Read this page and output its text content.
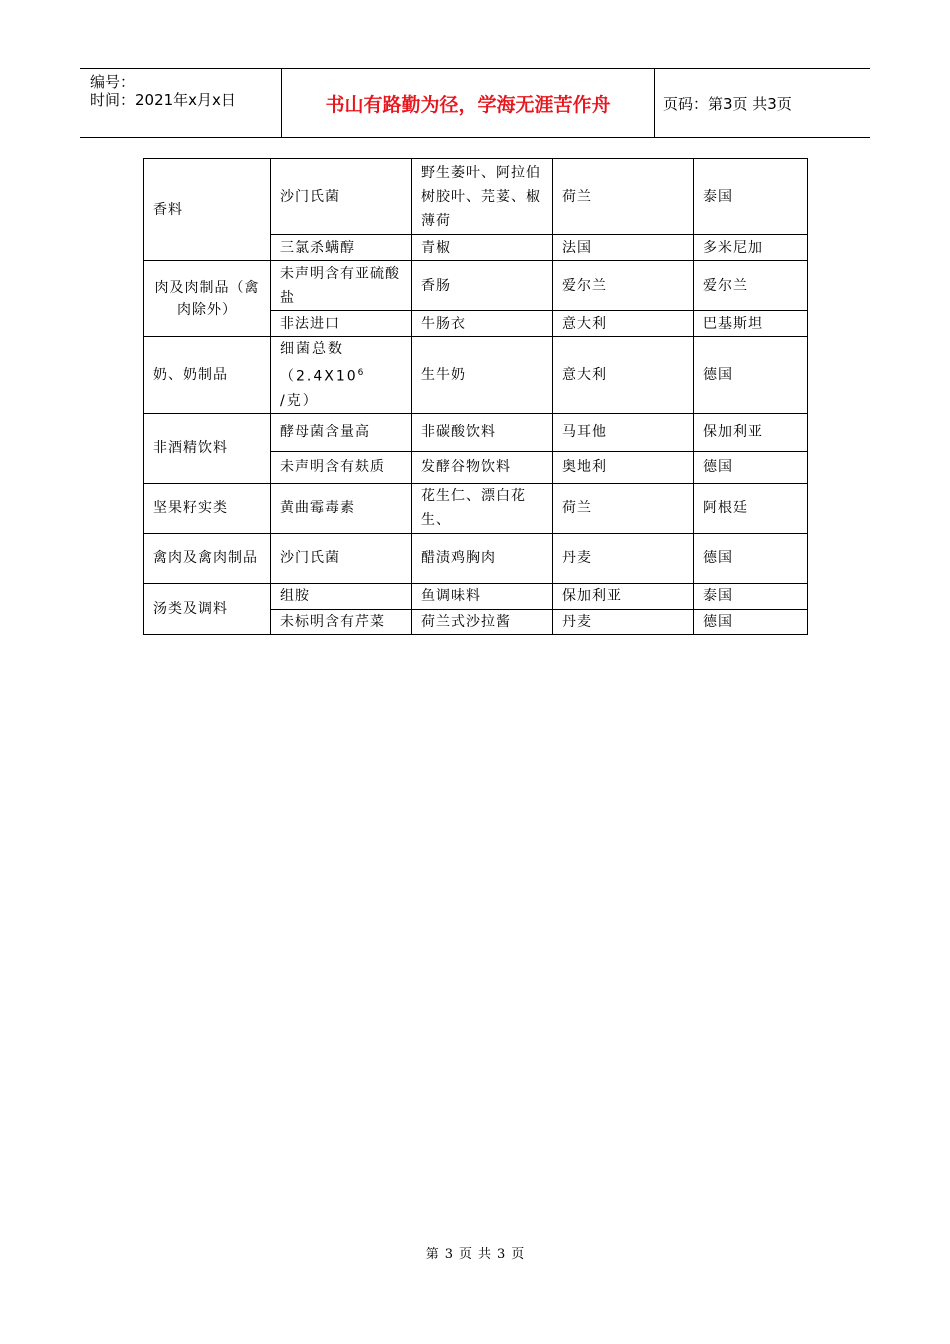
编号：
时间：2021年x月x日	书山有路勤为径，学海无涯苦作舟	页码：第3页 共3页
香料	沙门氏菌	野生萎叶、阿拉伯树胶叶、芫荽、椒薄荷	荷兰	泰国
	三氯杀螨醇	青椒	法国	多米尼加
肉及肉制品（禽肉除外）	未声明含有亚硫酸盐	香肠	爱尔兰	爱尔兰
	非法进口	牛肠衣	意大利	巴基斯坦
奶、奶制品	细菌总数（$2.4X10^6$
/克）	生牛奶	意大利	德国
非酒精饮料	酵母菌含量高	非碳酸饮料	马耳他	保加利亚
	未声明含有麸质	发酵谷物饮料	奥地利	德国
坚果籽实类	黄曲霉毒素	花生仁、漂白花生、	荷兰	阿根廷
禽肉及禽肉制品	沙门氏菌	醋渍鸡胸肉	丹麦	德国
汤类及调料	组胺	鱼调味料	保加利亚	泰国
	未标明含有芹菜	荷兰式沙拉酱	丹麦	德国
第 3 页 共 3 页
